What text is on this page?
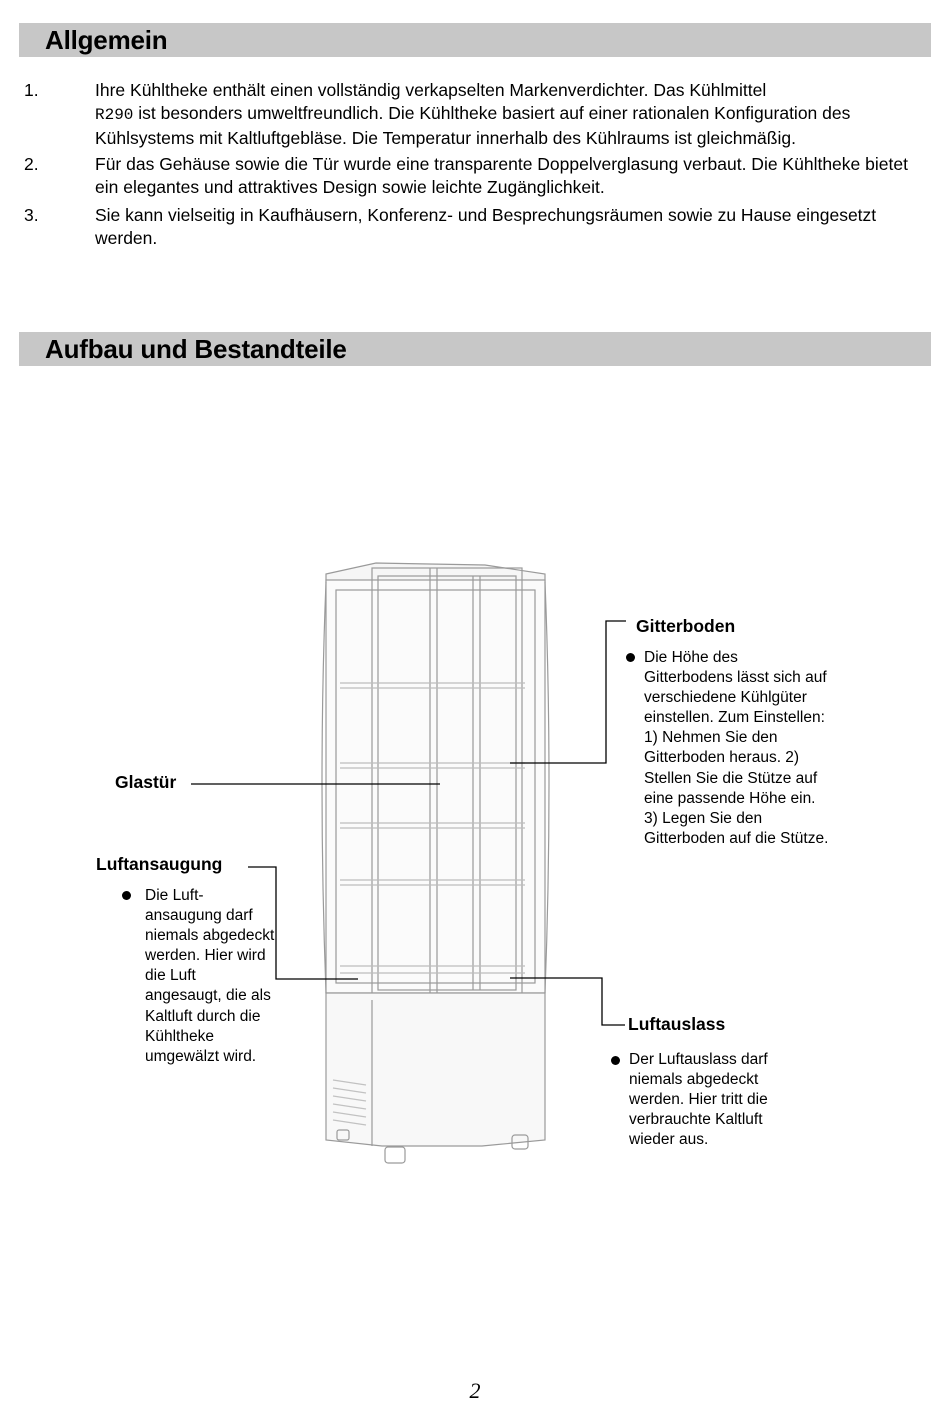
Allgemein
1.	Ihre Kühltheke enthält einen vollständig verkapselten Markenverdichter. Das Kühlmittel
R290 ist besonders umweltfreundlich. Die Kühltheke basiert auf einer rationalen Konfiguration des Kühlsystems mit Kaltluftgebläse. Die Temperatur innerhalb des Kühlraums ist gleichmäßig.
2.	Für das Gehäuse sowie die Tür wurde eine transparente Doppelverglasung verbaut. Die Kühltheke bietet ein elegantes und attraktives Design sowie leichte Zugänglichkeit.
3.	Sie kann vielseitig in Kaufhäusern, Konferenz- und Besprechungsräumen sowie zu Hause eingesetzt werden.
Aufbau und Bestandteile
Gitterboden
Die Höhe des Gitterbodens lässt sich auf verschiedene Kühlgüter einstellen. Zum Einstellen: 1) Nehmen Sie den Gitterboden heraus. 2) Stellen Sie die Stütze auf eine passende Höhe ein. 3) Legen Sie den Gitterboden auf die Stütze.
Glastür
Luftansaugung
Die Luft-ansaugung darf niemals abgedeckt werden. Hier wird die Luft angesaugt, die als Kaltluft durch die Kühltheke umgewälzt wird.
Luftauslass
Der Luftauslass darf niemals abgedeckt werden. Hier tritt die verbrauchte Kaltluft wieder aus.
2
